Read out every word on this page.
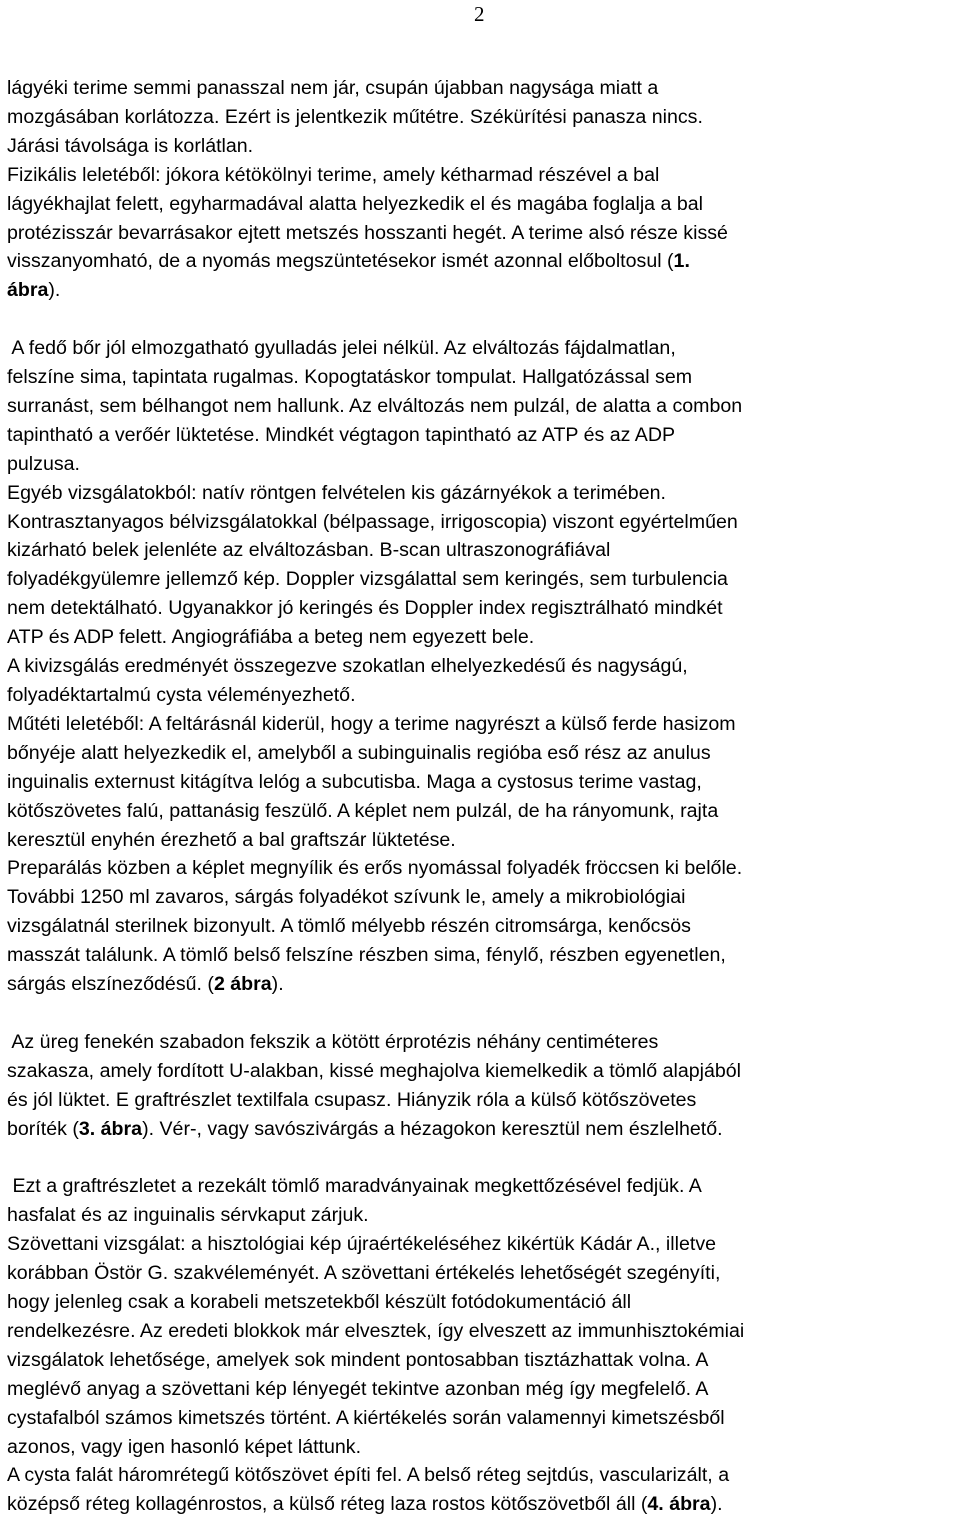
2

lágyéki terime semmi panasszal nem jár, csupán újabban nagysága miatt a

mozgásában korlátozza. Ezért is jelentkezik műtétre. Székürítési panasza nincs.

Járási távolsága is korlátlan.

Fizikális leletéből: jókora kétökölnyi terime, amely kétharmad részével a bal

lágyékhajlat felett, egyharmadával alatta helyezkedik el és magába foglalja a bal

protézisszár bevarrásakor ejtett metszés hosszanti hegét. A terime alsó része kissé

visszanyomható, de a nyomás megszüntetésekor ismét azonnal előboltosul (1.

ábra).

A fedő bőr jól elmozgatható gyulladás jelei nélkül. Az elváltozás fájdalmatlan,

felszíne sima, tapintata rugalmas. Kopogtatáskor tompulat. Hallgatózással sem

surranást, sem bélhangot nem hallunk. Az elváltozás nem pulzál, de alatta a combon

tapintható a verőér lüktetése. Mindkét végtagon tapintható az ATP és az ADP

pulzusa.

Egyéb vizsgálatokból: natív röntgen felvételen kis gázárnyékok a terimében.

Kontrasztanyagos bélvizsgálatokkal (bélpassage, irrigoscopia) viszont egyértelműen

kizárható belek jelenléte az elváltozásban. B-scan ultraszonográfiával

folyadékgyülemre jellemző kép. Doppler vizsgálattal sem keringés, sem turbulencia

nem detektálható. Ugyanakkor jó keringés és Doppler index regisztrálható mindkét

ATP és ADP felett. Angiográfiába a beteg nem egyezett bele.

A kivizsgálás eredményét összegezve szokatlan elhelyezkedésű és nagyságú,

folyadéktartalmú cysta véleményezhető.

Műtéti leletéből: A feltárásnál kiderül, hogy a terime nagyrészt a külső ferde hasizom

bőnyéje alatt helyezkedik el, amelyből a subinguinalis regióba eső rész az anulus

inguinalis externust kitágítva lelóg a subcutisba. Maga a cystosus terime vastag,

kötőszövetes falú, pattanásig feszülő. A képlet nem pulzál, de ha rányomunk, rajta

keresztül enyhén érezhető a bal graftszár lüktetése.

Preparálás közben a képlet megnyílik és erős nyomással folyadék fröccsen ki belőle.

További 1250 ml zavaros, sárgás folyadékot szívunk le, amely a mikrobiológiai

vizsgálatnál sterilnek bizonyult. A tömlő mélyebb részén citromsárga, kenőcsös

masszát találunk. A tömlő belső felszíne részben sima, fénylő, részben egyenetlen,

sárgás elszíneződésű. (2 ábra).

Az üreg fenekén szabadon fekszik a kötött érprotézis néhány centiméteres

szakasza, amely fordított U-alakban, kissé meghajolva kiemelkedik a tömlő alapjából

és jól lüktet. E graftrészlet textilfala csupasz. Hiányzik róla a külső kötőszövetes

boríték (3. ábra). Vér-, vagy savószivárgás a hézagokon keresztül nem észlelhető.

Ezt a graftrészletet a rezekált tömlő maradványainak megkettőzésével fedjük. A

hasfalat és az inguinalis sérvkaput zárjuk.

Szövettani vizsgálat: a hisztológiai kép újraértékeléséhez kikértük Kádár A., illetve

korábban Östör G. szakvéleményét. A szövettani értékelés lehetőségét szegényíti,

hogy jelenleg csak a korabeli metszetekből készült fotódokumentáció áll

rendelkezésre. Az eredeti blokkok már elvesztek, így elveszett az immunhisztokémiai

vizsgálatok lehetősége, amelyek sok mindent pontosabban tisztázhattak volna. A

meglévő anyag a szövettani kép lényegét tekintve azonban még így megfelelő. A

cystafalból számos kimetszés történt. A kiértékelés során valamennyi kimetszésből

azonos, vagy igen hasonló képet láttunk.

A cysta falát háromrétegű kötőszövet építi fel. A belső réteg sejtdús, vascularizált, a

középső réteg kollagénrostos, a külső réteg laza rostos kötőszövetből áll (4. ábra).
